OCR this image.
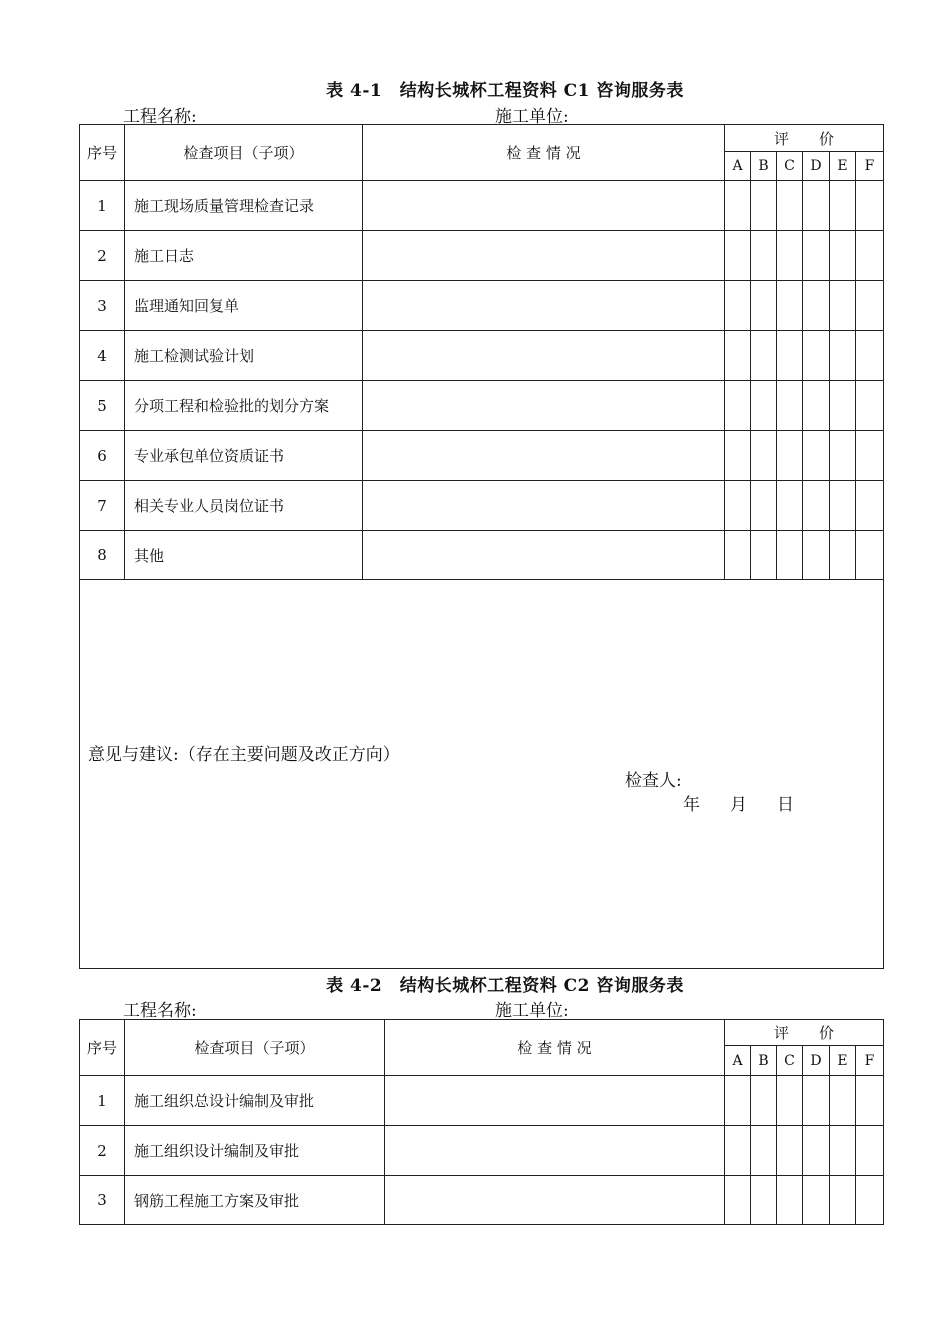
表 4-1　结构长城杯工程资料 C1 咨询服务表
工程名称:	施工单位:
序号	检查项目（子项）	检 查 情 况	评　　价					
			A	B	C	D	E	F
1	施工现场质量管理检查记录							
2	施工日志							
3	监理通知回复单							
4	施工检测试验计划							
5	分项工程和检验批的划分方案							
6	专业承包单位资质证书							
7	相关专业人员岗位证书							
8	其他							

意见与建议:（存在主要问题及改正方向）
检查人:
年 月 日								
表 4-2　结构长城杯工程资料 C2 咨询服务表
工程名称:	施工单位:
序号	检查项目（子项）	检 查 情 况	评　　价					
			A	B	C	D	E	F
1	施工组织总设计编制及审批							
2	施工组织设计编制及审批							
3	钢筋工程施工方案及审批							
